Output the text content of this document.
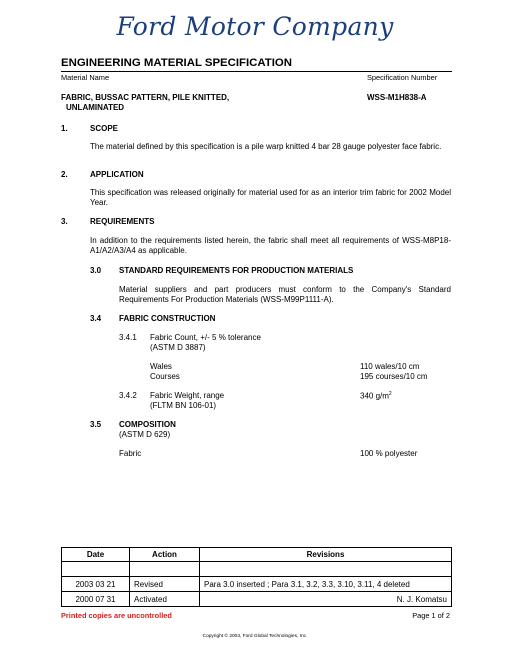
Ford Motor Company
ENGINEERING MATERIAL SPECIFICATION
Material Name	Specification Number
FABRIC, BUSSAC PATTERN, PILE KNITTED,
UNLAMINATED
WSS-M1H838-A
1.	SCOPE
The material defined by this specification is a pile warp knitted 4 bar 28 gauge polyester face fabric.
2.	APPLICATION
This specification was released originally for material used for as an interior trim fabric for 2002 Model Year.
3.	REQUIREMENTS
In addition to the requirements listed herein, the fabric shall meet all requirements of WSS-M8P18-A1/A2/A3/A4 as applicable.
3.0 STANDARD REQUIREMENTS FOR PRODUCTION MATERIALS
Material suppliers and part producers must conform to the Company's Standard Requirements For Production Materials (WSS-M99P1111-A).
3.4 FABRIC CONSTRUCTION
3.4.1 Fabric Count, +/- 5 % tolerance
(ASTM D 3887)
Wales	110 wales/10 cm
Courses	195 courses/10 cm
3.4.2 Fabric Weight, range
(FLTM BN 106-01)
340 $g/m^2$
3.5 COMPOSITION
(ASTM D 629)
Fabric	100 % polyester
Date	Action	Revisions

2003 03 21	Revised	Para 3.0 inserted ; Para 3.1, 3.2, 3.3, 3.10, 3.11, 4 deleted
2000 07 31	Activated	N. J. Komatsu
Printed copies are uncontrolled	Page 1 of 2
Copyright © 2003, Ford Global Technologies, Inc.
